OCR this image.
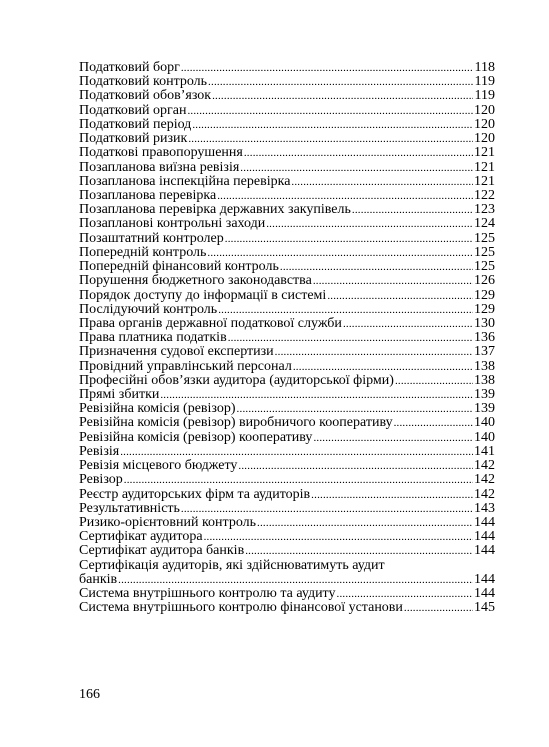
Податковий борг .....	118
Податковий контроль .....	119
Податковий обов’язок .....	119
Податковий орган .....	120
Податковий період .....	120
Податковий ризик .....	120
Податкові правопорушення .....	121
Позапланова виїзна ревізія .....	121
Позапланова інспекційна перевірка .....	121
Позапланова перевірка .....	122
Позапланова перевірка державних закупівель .....	123
Позапланові контрольні заходи .....	124
Позаштатний контролер .....	125
Попередній контроль .....	125
Попередній фінансовий контроль .....	125
Порушення бюджетного законодавства .....	126
Порядок доступу до інформації в системі .....	129
Послідуючий контроль .....	129
Права органів державної податкової служби .....	130
Права платника податків .....	136
Призначення судової експертизи .....	137
Провідний управлінський персонал .....	138
Професійні обов’язки аудитора (аудиторської фірми) .....	138
Прямі збитки .....	139
Ревізійна комісія (ревізор) .....	139
Ревізійна комісія (ревізор) виробничого кооперативу .....	140
Ревізійна комісія (ревізор) кооперативу .....	140
Ревізія .....	141
Ревізія місцевого бюджету .....	142
Ревізор .....	142
Реєстр аудиторських фірм та аудиторів .....	142
Результативність .....	143
Ризико-орієнтовний контроль .....	144
Сертифікат аудитора .....	144
Сертифікат аудитора банків .....	144
Сертифікація аудиторів, які здійснюватимуть аудит
банків .....	144
Система внутрішнього контролю та аудиту .....	144
Система внутрішнього контролю фінансової установи .....	145
166
